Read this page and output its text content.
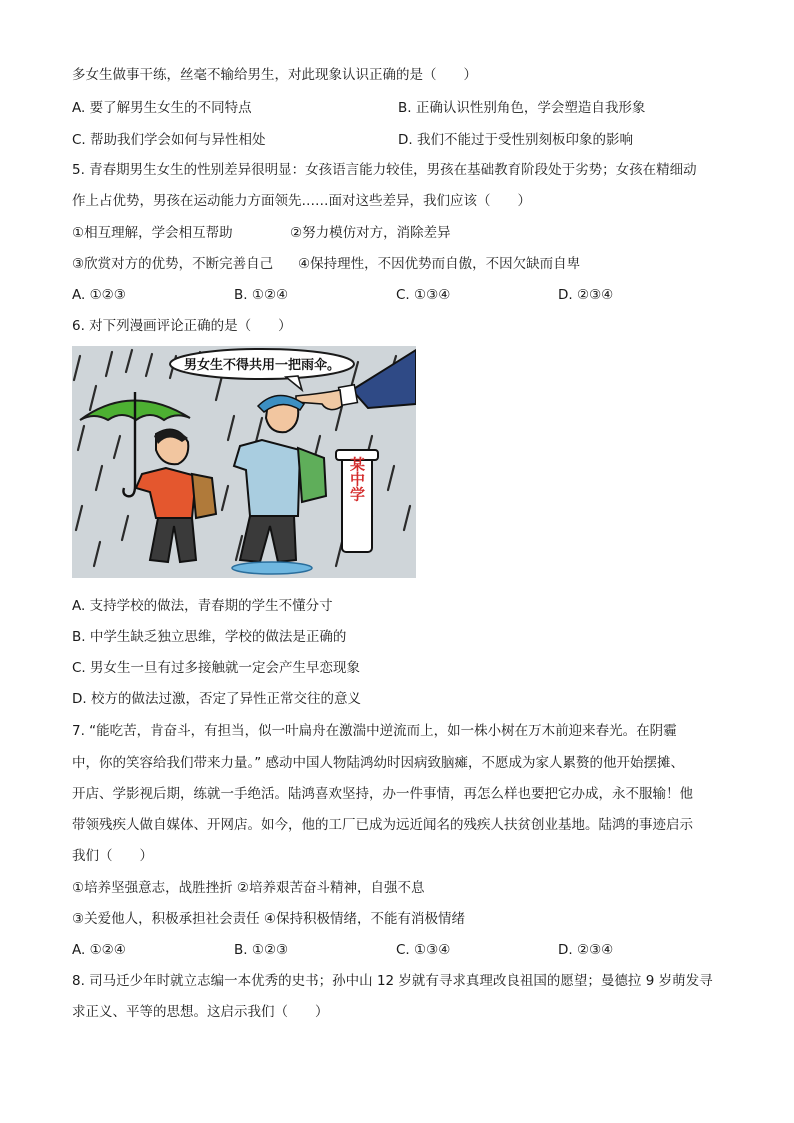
多女生做事干练，丝毫不输给男生，对此现象认识正确的是（　　）
A. 要了解男生女生的不同特点	B. 正确认识性别角色，学会塑造自我形象
C. 帮助我们学会如何与异性相处	D. 我们不能过于受性别刻板印象的影响
5. 青春期男生女生的性别差异很明显：女孩语言能力较佳，男孩在基础教育阶段处于劣势；女孩在精细动
作上占优势，男孩在运动能力方面领先……面对这些差异，我们应该（　　）
①相互理解，学会相互帮助	②努力模仿对方，消除差异
③欣赏对方的优势，不断完善自己 ④保持理性，不因优势而自傲，不因欠缺而自卑
A. ①②③	B. ①②④	C. ①③④	D. ②③④
6. 对下列漫画评论正确的是（　　）
男女生不得共用一把雨伞。
某中学
A. 支持学校的做法，青春期的学生不懂分寸
B. 中学生缺乏独立思维，学校的做法是正确的
C. 男女生一旦有过多接触就一定会产生早恋现象
D. 校方的做法过激，否定了异性正常交往的意义
7. “能吃苦，肯奋斗，有担当，似一叶扁舟在激湍中逆流而上，如一株小树在万木前迎来春光。在阴霾
中，你的笑容给我们带来力量。” 感动中国人物陆鸿幼时因病致脑瘫，不愿成为家人累赘的他开始摆摊、
开店、学影视后期，练就一手绝活。陆鸿喜欢坚持，办一件事情，再怎么样也要把它办成，永不服输！他
带领残疾人做自媒体、开网店。如今，他的工厂已成为远近闻名的残疾人扶贫创业基地。陆鸿的事迹启示
我们（　　）
①培养坚强意志，战胜挫折 ②培养艰苦奋斗精神，自强不息
③关爱他人，积极承担社会责任 ④保持积极情绪，不能有消极情绪
A. ①②④	B. ①②③	C. ①③④	D. ②③④
8. 司马迁少年时就立志编一本优秀的史书；孙中山 12 岁就有寻求真理改良祖国的愿望；曼德拉 9 岁萌发寻
求正义、平等的思想。这启示我们（　　）
